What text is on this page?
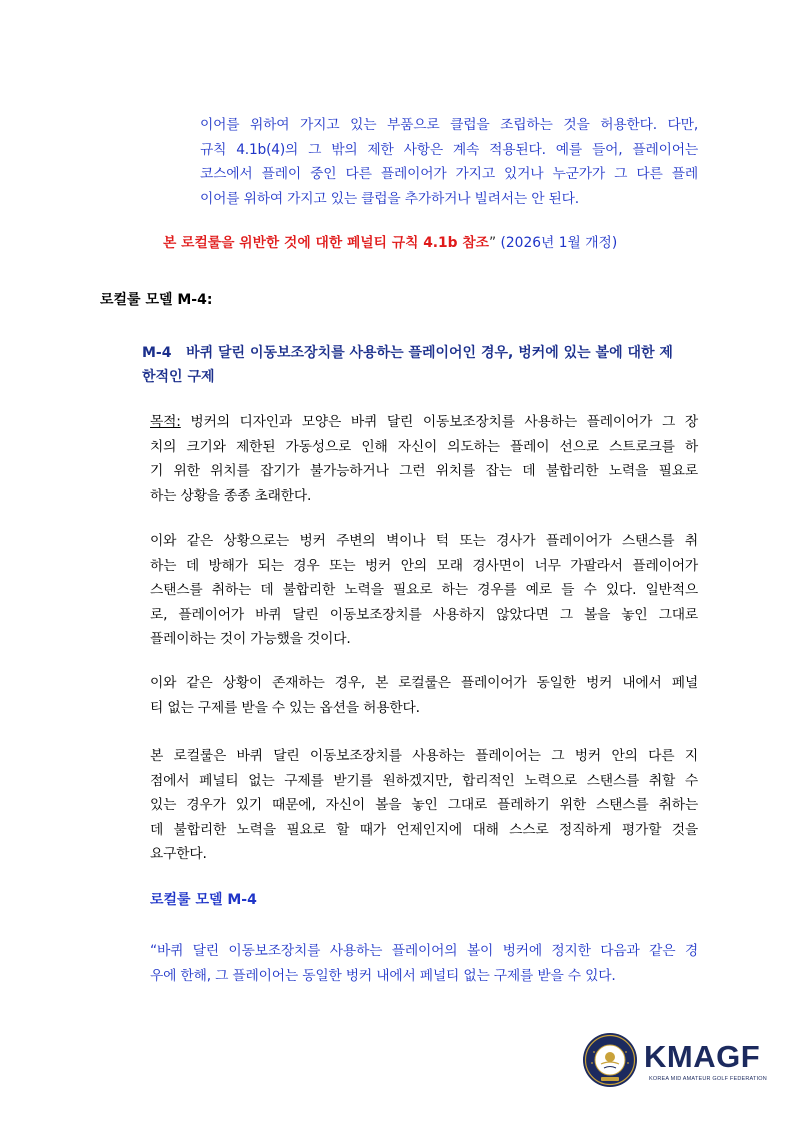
이어를 위하여 가지고 있는 부품으로 클럽을 조립하는 것을 허용한다. 다만,
규칙 4.1b(4)의 그 밖의 제한 사항은 계속 적용된다. 예를 들어, 플레이어는
코스에서 플레이 중인 다른 플레이어가 가지고 있거나 누군가가 그 다른 플레
이어를 위하여 가지고 있는 클럽을 추가하거나 빌려서는 안 된다.
본 로컬룰을 위반한 것에 대한 페널티 규칙 4.1b 참조” (2026년 1월 개정)
로컬룰 모델 M-4:
M-4   바퀴 달린 이동보조장치를 사용하는 플레이어인 경우, 벙커에 있는 볼에 대한 제
한적인 구제
목적: 벙커의 디자인과 모양은 바퀴 달린 이동보조장치를 사용하는 플레이어가 그 장
치의 크기와 제한된 가동성으로 인해 자신이 의도하는 플레이 선으로 스트로크를 하
기 위한 위치를 잡기가 불가능하거나 그런 위치를 잡는 데 불합리한 노력을 필요로
하는 상황을 종종 초래한다.
이와 같은 상황으로는 벙커 주변의 벽이나 턱 또는 경사가 플레이어가 스탠스를 취
하는 데 방해가 되는 경우 또는 벙커 안의 모래 경사면이 너무 가팔라서 플레이어가
스탠스를 취하는 데 불합리한 노력을 필요로 하는 경우를 예로 들 수 있다. 일반적으
로, 플레이어가 바퀴 달린 이동보조장치를 사용하지 않았다면 그 볼을 놓인 그대로
플레이하는 것이 가능했을 것이다.
이와 같은 상황이 존재하는 경우, 본 로컬룰은 플레이어가 동일한 벙커 내에서 페널
티 없는 구제를 받을 수 있는 옵션을 허용한다.
본 로컬룰은 바퀴 달린 이동보조장치를 사용하는 플레이어는 그 벙커 안의 다른 지
점에서 페널티 없는 구제를 받기를 원하겠지만, 합리적인 노력으로 스탠스를 취할 수
있는 경우가 있기 때문에, 자신이 볼을 놓인 그대로 플레하기 위한 스탠스를 취하는
데 불합리한 노력을 필요로 할 때가 언제인지에 대해 스스로 정직하게 평가할 것을
요구한다.
로컬룰 모델 M-4
“바퀴 달린 이동보조장치를 사용하는 플레이어의 볼이 벙커에 정지한 다음과 같은 경
우에 한해, 그 플레이어는 동일한 벙커 내에서 페널티 없는 구제를 받을 수 있다.
KMAGF
KOREA MID AMATEUR GOLF FEDERATION
